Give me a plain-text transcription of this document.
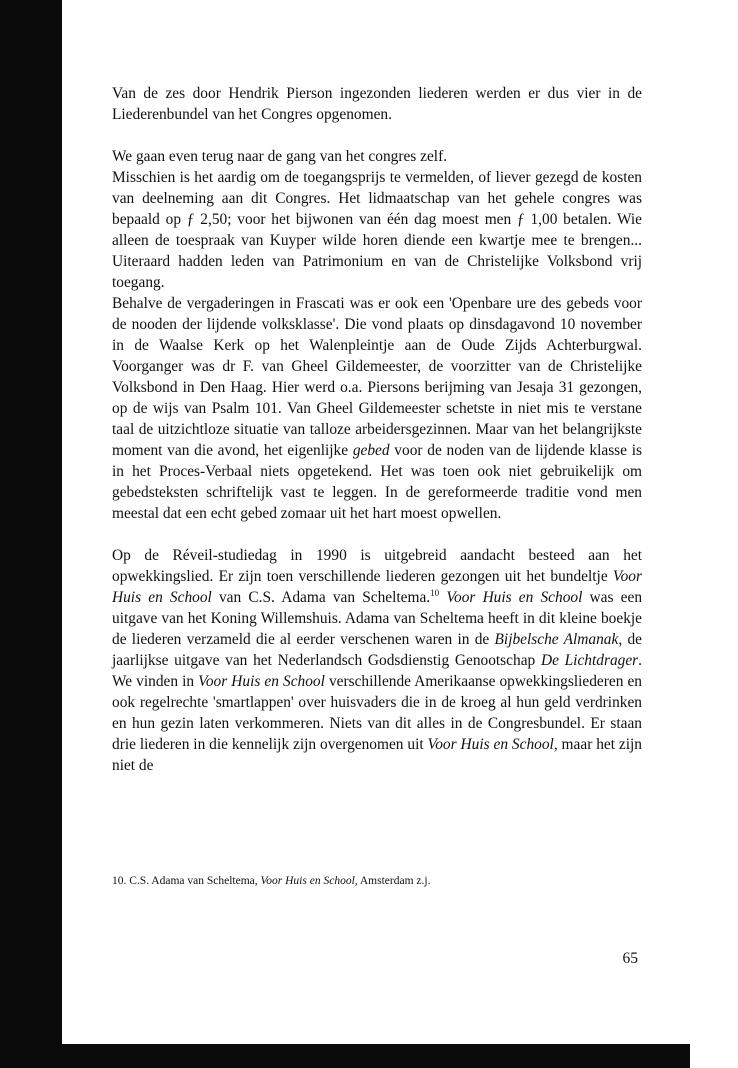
Van de zes door Hendrik Pierson ingezonden liederen werden er dus vier in de Liederenbundel van het Congres opgenomen.

We gaan even terug naar de gang van het congres zelf.

Misschien is het aardig om de toegangsprijs te vermelden, of liever gezegd de kosten van deelneming aan dit Congres. Het lidmaatschap van het gehele congres was bepaald op ƒ 2,50; voor het bijwonen van één dag moest men ƒ 1,00 betalen. Wie alleen de toespraak van Kuyper wilde horen diende een kwartje mee te brengen... Uiteraard hadden leden van Patrimonium en van de Christelijke Volksbond vrij toegang.

Behalve de vergaderingen in Frascati was er ook een 'Openbare ure des gebeds voor de nooden der lijdende volksklasse'. Die vond plaats op dinsdagavond 10 november in de Waalse Kerk op het Walenpleintje aan de Oude Zijds Achterburgwal. Voorganger was dr F. van Gheel Gildemeester, de voorzitter van de Christelijke Volksbond in Den Haag. Hier werd o.a. Piersons berijming van Jesaja 31 gezongen, op de wijs van Psalm 101. Van Gheel Gildemeester schetste in niet mis te verstane taal de uitzichtloze situatie van talloze arbeidersgezinnen. Maar van het belangrijkste moment van die avond, het eigenlijke gebed voor de noden van de lijdende klasse is in het Proces-Verbaal niets opgetekend. Het was toen ook niet gebruikelijk om gebedsteksten schriftelijk vast te leggen. In de gereformeerde traditie vond men meestal dat een echt gebed zomaar uit het hart moest opwellen.

Op de Réveil-studiedag in 1990 is uitgebreid aandacht besteed aan het opwekkingslied. Er zijn toen verschillende liederen gezongen uit het bundeltje Voor Huis en School van C.S. Adama van Scheltema.$^{10}$ Voor Huis en School was een uitgave van het Koning Willemshuis. Adama van Scheltema heeft in dit kleine boekje de liederen verzameld die al eerder verschenen waren in de Bijbelsche Almanak, de jaarlijkse uitgave van het Nederlandsch Godsdienstig Genootschap De Lichtdrager. We vinden in Voor Huis en School verschillende Amerikaanse opwekkingsliederen en ook regelrechte 'smartlappen' over huisvaders die in de kroeg al hun geld verdrinken en hun gezin laten verkommeren. Niets van dit alles in de Congresbundel. Er staan drie liederen in die kennelijk zijn overgenomen uit Voor Huis en School, maar het zijn niet de

10. C.S. Adama van Scheltema, Voor Huis en School, Amsterdam z.j.

65
